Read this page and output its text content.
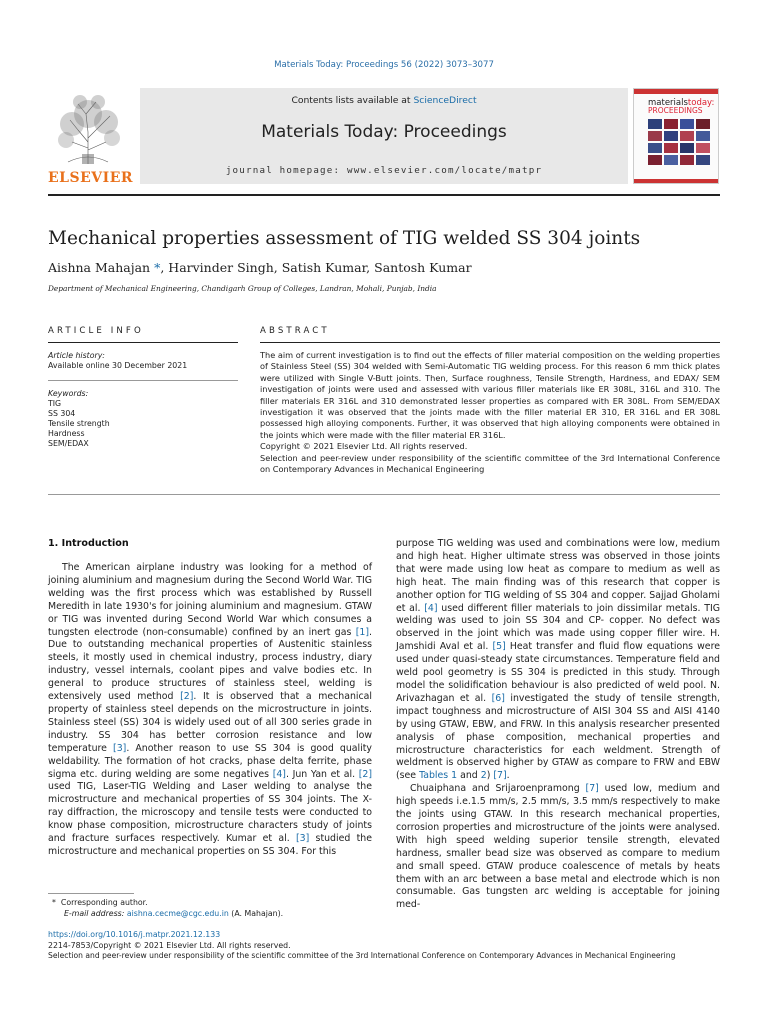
Materials Today: Proceedings 56 (2022) 3073–3077
ELSEVIER
Contents lists available at ScienceDirect
Materials Today: Proceedings
journal homepage: www.elsevier.com/locate/matpr
materialstoday:
PROCEEDINGS
Mechanical properties assessment of TIG welded SS 304 joints
Aishna Mahajan *, Harvinder Singh, Satish Kumar, Santosh Kumar
Department of Mechanical Engineering, Chandigarh Group of Colleges, Landran, Mohali, Punjab, India
ARTICLE INFO
Article history:
Available online 30 December 2021
Keywords:
TIG
SS 304
Tensile strength
Hardness
SEM/EDAX
ABSTRACT

The aim of current investigation is to find out the effects of filler material composition on the welding properties of Stainless Steel (SS) 304 welded with Semi-Automatic TIG welding process. For this reason 6 mm thick plates were utilized with Single V-Butt joints. Then, Surface roughness, Tensile Strength, Hardness, and EDAX/ SEM investigation of joints were used and assessed with various filler materials like ER 308L, 316L and 310. The filler materials ER 316L and 310 demonstrated lesser properties as compared with ER 308L. From SEM/EDAX investigation it was observed that the joints made with the filler material ER 310, ER 316L and ER 308L possessed high alloying components. Further, it was observed that high alloying components were obtained in the joints which were made with the filler material ER 316L.

Copyright © 2021 Elsevier Ltd. All rights reserved.

Selection and peer-review under responsibility of the scientific committee of the 3rd International Conference on Contemporary Advances in Mechanical Engineering

1. Introduction

The American airplane industry was looking for a method of joining aluminium and magnesium during the Second World War. TIG welding was the first process which was established by Russell Meredith in late 1930's for joining aluminium and magnesium. GTAW or TIG was invented during Second World War which consumes a tungsten electrode (non-consumable) confined by an inert gas [1]. Due to outstanding mechanical properties of Austenitic stainless steels, it mostly used in chemical industry, process industry, diary industry, vessel internals, coolant pipes and valve bodies etc. In general to produce structures of stainless steel, welding is extensively used method [2]. It is observed that a mechanical property of stainless steel depends on the microstructure in joints. Stainless steel (SS) 304 is widely used out of all 300 series grade in industry. SS 304 has better corrosion resistance and low temperature [3]. Another reason to use SS 304 is good quality weldability. The formation of hot cracks, phase delta ferrite, phase sigma etc. during welding are some negatives [4]. Jun Yan et al. [2] used TIG, Laser-TIG Welding and Laser welding to analyse the microstructure and mechanical properties of SS 304 joints. The X-ray diffraction, the microscopy and tensile tests were conducted to know phase composition, microstructure characters study of joints and fracture surfaces respectively. Kumar et al. [3] studied the microstructure and mechanical properties on SS 304. For this

purpose TIG welding was used and combinations were low, medium and high heat. Higher ultimate stress was observed in those joints that were made using low heat as compare to medium as well as high heat. The main finding was of this research that copper is another option for TIG welding of SS 304 and copper. Sajjad Gholami et al. [4] used different filler materials to join dissimilar metals. TIG welding was used to join SS 304 and CP- copper. No defect was observed in the joint which was made using copper filler wire. H. Jamshidi Aval et al. [5] Heat transfer and fluid flow equations were used under quasi-steady state circumstances. Temperature field and weld pool geometry is SS 304 is predicted in this study. Through model the solidification behaviour is also predicted of weld pool. N. Arivazhagan et al. [6] investigated the study of tensile strength, impact toughness and microstructure of AISI 304 SS and AISI 4140 by using GTAW, EBW, and FRW. In this analysis researcher presented analysis of phase composition, mechanical properties and microstructure characteristics for each weldment. Strength of weldment is observed higher by GTAW as compare to FRW and EBW (see Tables 1 and 2) [7].

Chuaiphana and Srijaroenpramong [7] used low, medium and high speeds i.e.1.5 mm/s, 2.5 mm/s, 3.5 mm/s respectively to make the joints using GTAW. In this research mechanical properties, corrosion properties and microstructure of the joints were analysed. With high speed welding superior tensile strength, elevated hardness, smaller bead size was observed as compare to medium and small speed. GTAW produce coalescence of metals by heats them with an arc between a base metal and electrode which is non consumable. Gas tungsten arc welding is acceptable for joining med-

* Corresponding author.
E-mail address: aishna.cecme@cgc.edu.in (A. Mahajan).
https://doi.org/10.1016/j.matpr.2021.12.133
2214-7853/Copyright © 2021 Elsevier Ltd. All rights reserved.
Selection and peer-review under responsibility of the scientific committee of the 3rd International Conference on Contemporary Advances in Mechanical Engineering
